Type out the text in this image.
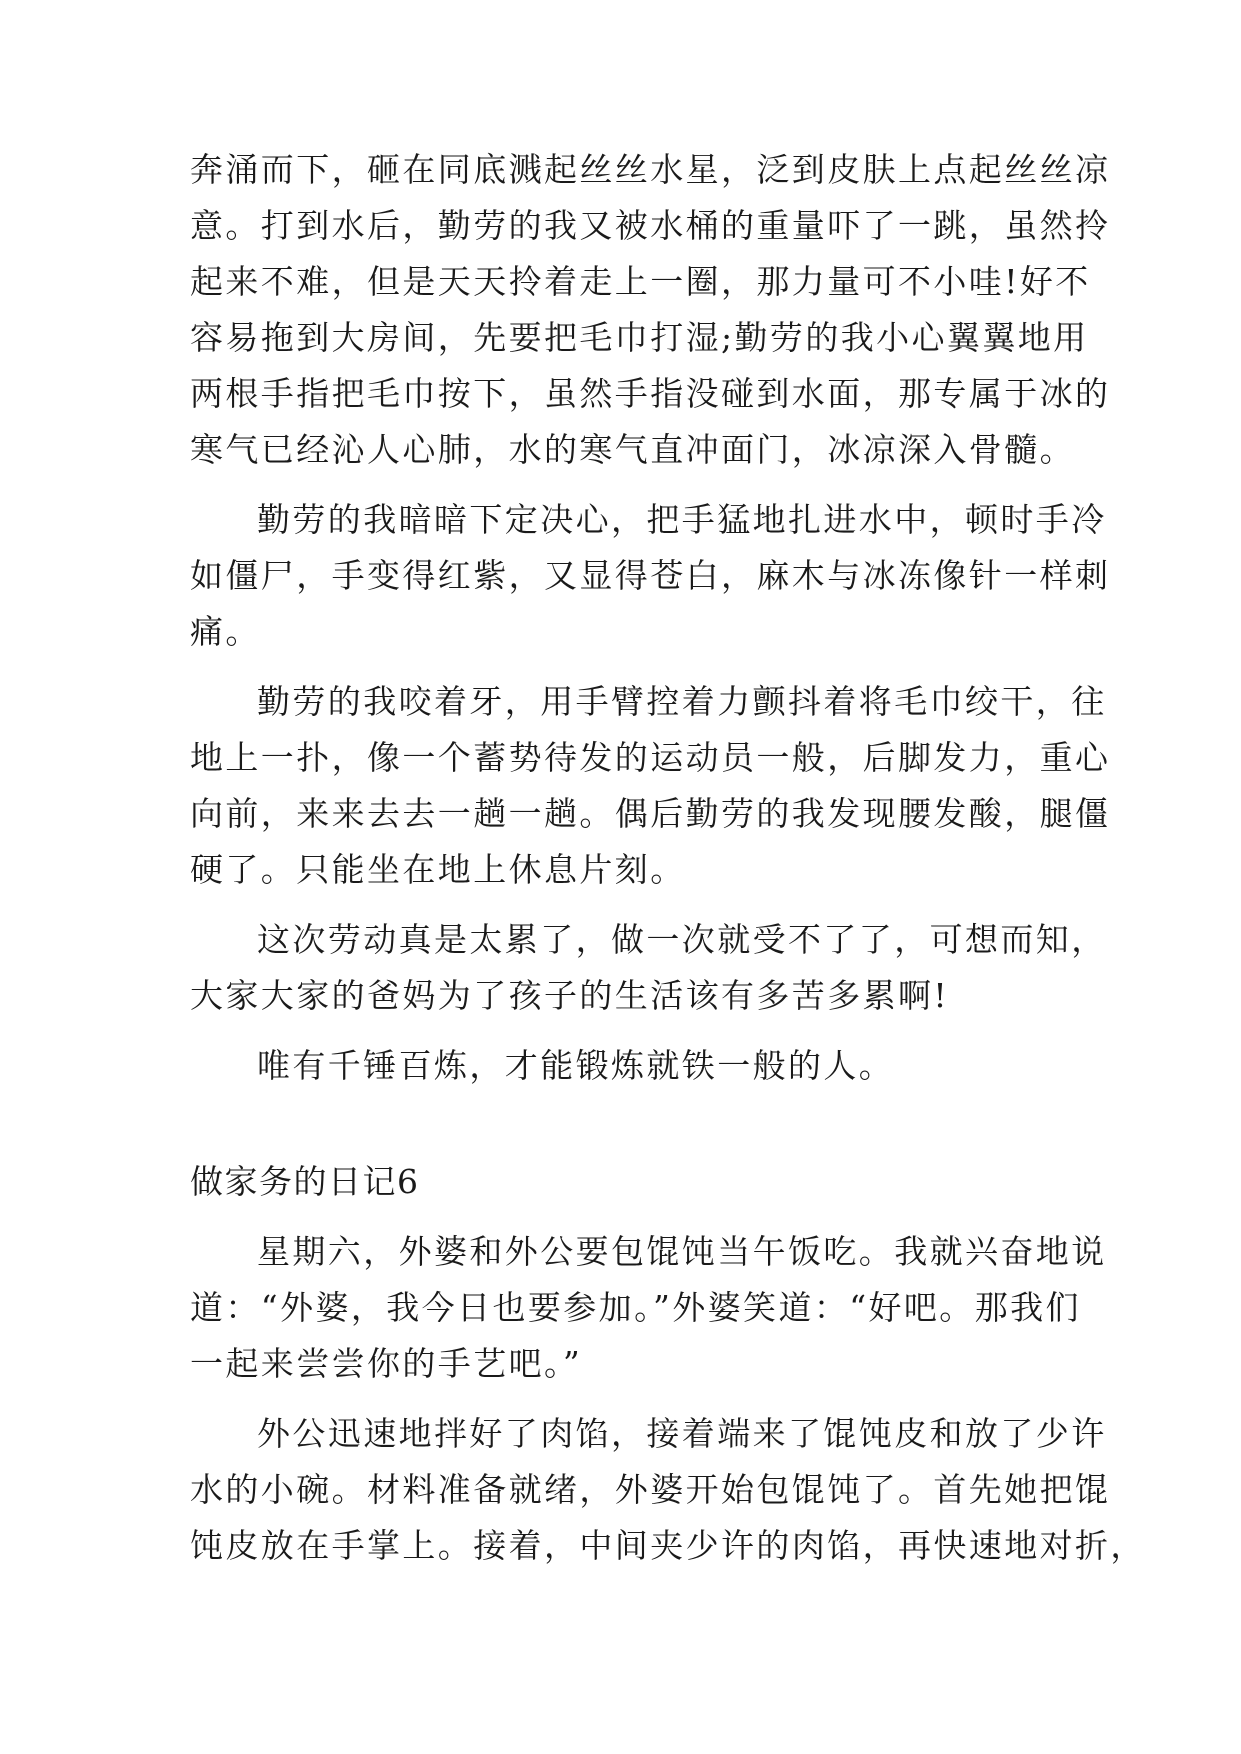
奔涌而下，砸在同底溅起丝丝水星，泛到皮肤上点起丝丝凉
意。打到水后，勤劳的我又被水桶的重量吓了一跳，虽然拎
起来不难，但是天天拎着走上一圈，那力量可不小哇!好不
容易拖到大房间，先要把毛巾打湿;勤劳的我小心翼翼地用
两根手指把毛巾按下，虽然手指没碰到水面，那专属于冰的
寒气已经沁人心肺，水的寒气直冲面门，冰凉深入骨髓。
勤劳的我暗暗下定决心，把手猛地扎进水中，顿时手冷
如僵尸，手变得红紫，又显得苍白，麻木与冰冻像针一样刺
痛。
勤劳的我咬着牙，用手臂控着力颤抖着将毛巾绞干，往
地上一扑，像一个蓄势待发的运动员一般，后脚发力，重心
向前，来来去去一趟一趟。偶后勤劳的我发现腰发酸，腿僵
硬了。只能坐在地上休息片刻。
这次劳动真是太累了，做一次就受不了了，可想而知，
大家大家的爸妈为了孩子的生活该有多苦多累啊!
唯有千锤百炼，才能锻炼就铁一般的人。
做家务的日记6
星期六，外婆和外公要包馄饨当午饭吃。我就兴奋地说
道：“外婆，我今日也要参加。”外婆笑道：“好吧。那我们
一起来尝尝你的手艺吧。”
外公迅速地拌好了肉馅，接着端来了馄饨皮和放了少许
水的小碗。材料准备就绪，外婆开始包馄饨了。首先她把馄
饨皮放在手掌上。接着，中间夹少许的肉馅，再快速地对折，
